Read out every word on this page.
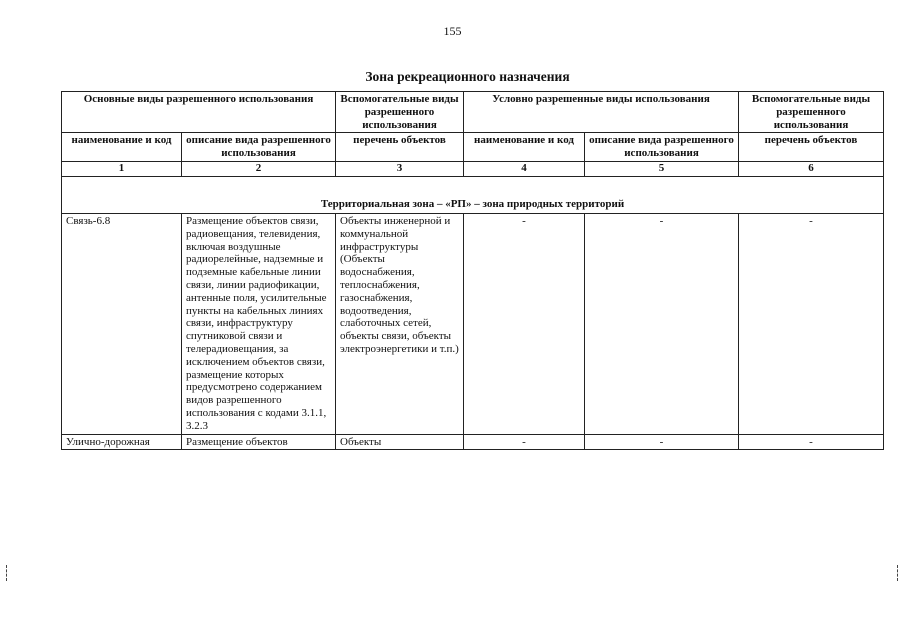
155
Зона рекреационного назначения
Основные виды разрешенного использования		Вспомогательные виды разрешенного использования	Условно разрешенные виды использования		Вспомогательные виды разрешенного использования
наименование и код	описание вида разрешенного использования	перечень объектов	наименование и код	описание вида разрешенного использования	перечень объектов
1	2	3	4	5	6
Территориальная зона – «РП» – зона природных территорий					
Связь-6.8	Размещение объектов связи, радиовещания, телевидения, включая воздушные радиорелейные, надземные и подземные кабельные линии связи, линии радиофикации, антенные поля, усилительные пункты на кабельных линиях связи, инфраструктуру спутниковой связи и телерадиовещания, за исключением объектов связи, размещение которых предусмотрено содержанием видов разрешенного использования с кодами 3.1.1, 3.2.3	Объекты инженерной и коммунальной инфраструктуры (Объекты водоснабжения, теплоснабжения, газоснабжения, водоотведения, слаботочных сетей, объекты связи, объекты электроэнергетики и т.п.)	-	-	-
Улично-дорожная	Размещение объектов	Объекты	-	-	-
